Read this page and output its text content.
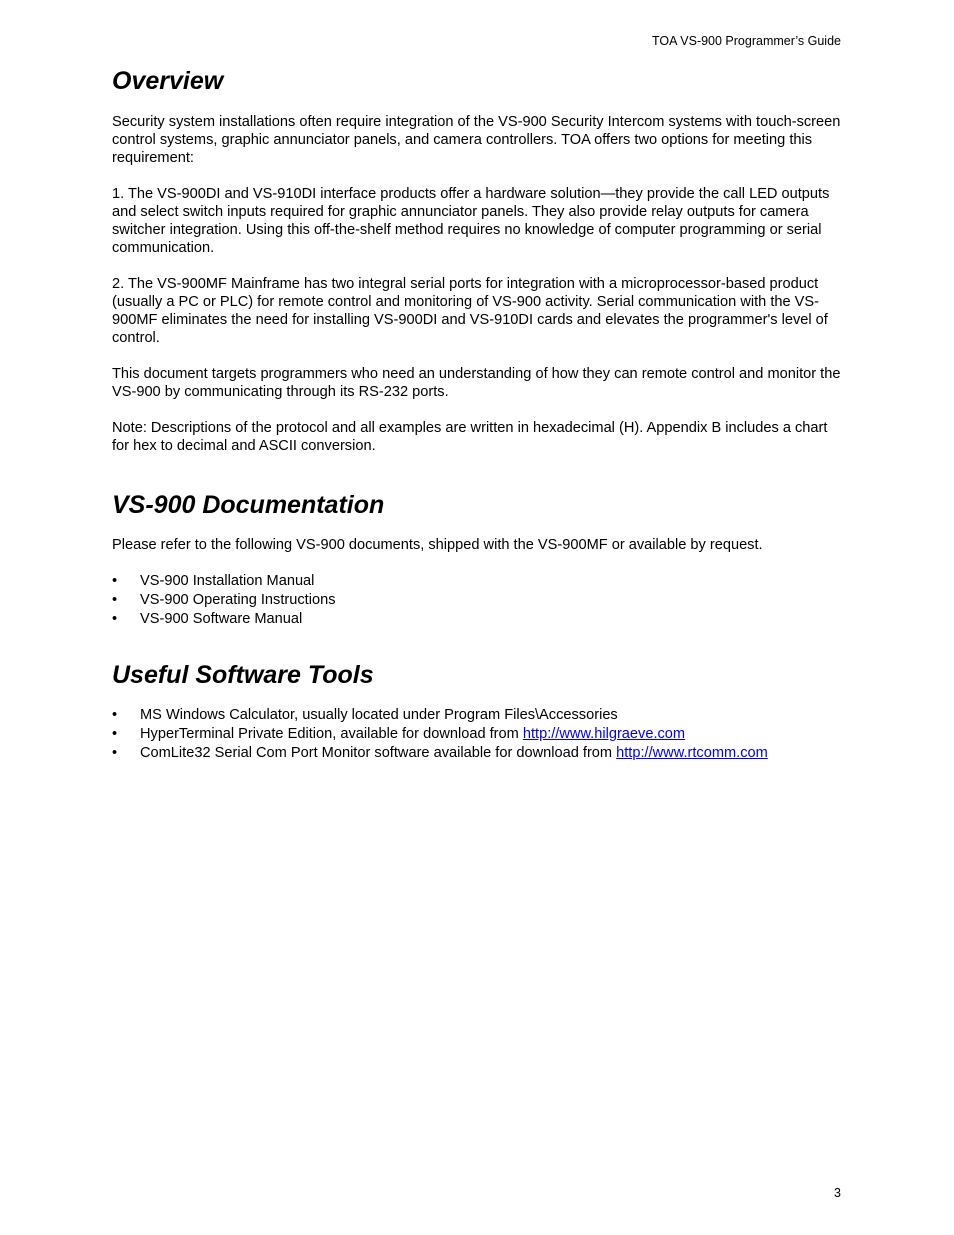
TOA VS-900 Programmer’s Guide
Overview

Security system installations often require integration of the VS-900 Security Intercom systems with touch-screen control systems, graphic annunciator panels, and camera controllers. TOA offers two options for meeting this requirement:

1. The VS-900DI and VS-910DI interface products offer a hardware solution—they provide the call LED outputs and select switch inputs required for graphic annunciator panels. They also provide relay outputs for camera switcher integration. Using this off-the-shelf method requires no knowledge of computer programming or serial communication.

2. The VS-900MF Mainframe has two integral serial ports for integration with a microprocessor-based product (usually a PC or PLC) for remote control and monitoring of VS-900 activity. Serial communication with the VS-900MF eliminates the need for installing VS-900DI and VS-910DI cards and elevates the programmer's level of control.

This document targets programmers who need an understanding of how they can remote control and monitor the VS-900 by communicating through its RS-232 ports.

Note: Descriptions of the protocol and all examples are written in hexadecimal (H). Appendix B includes a chart for hex to decimal and ASCII conversion.

VS-900 Documentation

Please refer to the following VS-900 documents, shipped with the VS-900MF or available by request.

•	VS-900 Installation Manual
•	VS-900 Operating Instructions
•	VS-900 Software Manual
Useful Software Tools
•	MS Windows Calculator, usually located under Program Files\Accessories
•	HyperTerminal Private Edition, available for download from http://www.hilgraeve.com
•	ComLite32 Serial Com Port Monitor software available for download from http://www.rtcomm.com
3
